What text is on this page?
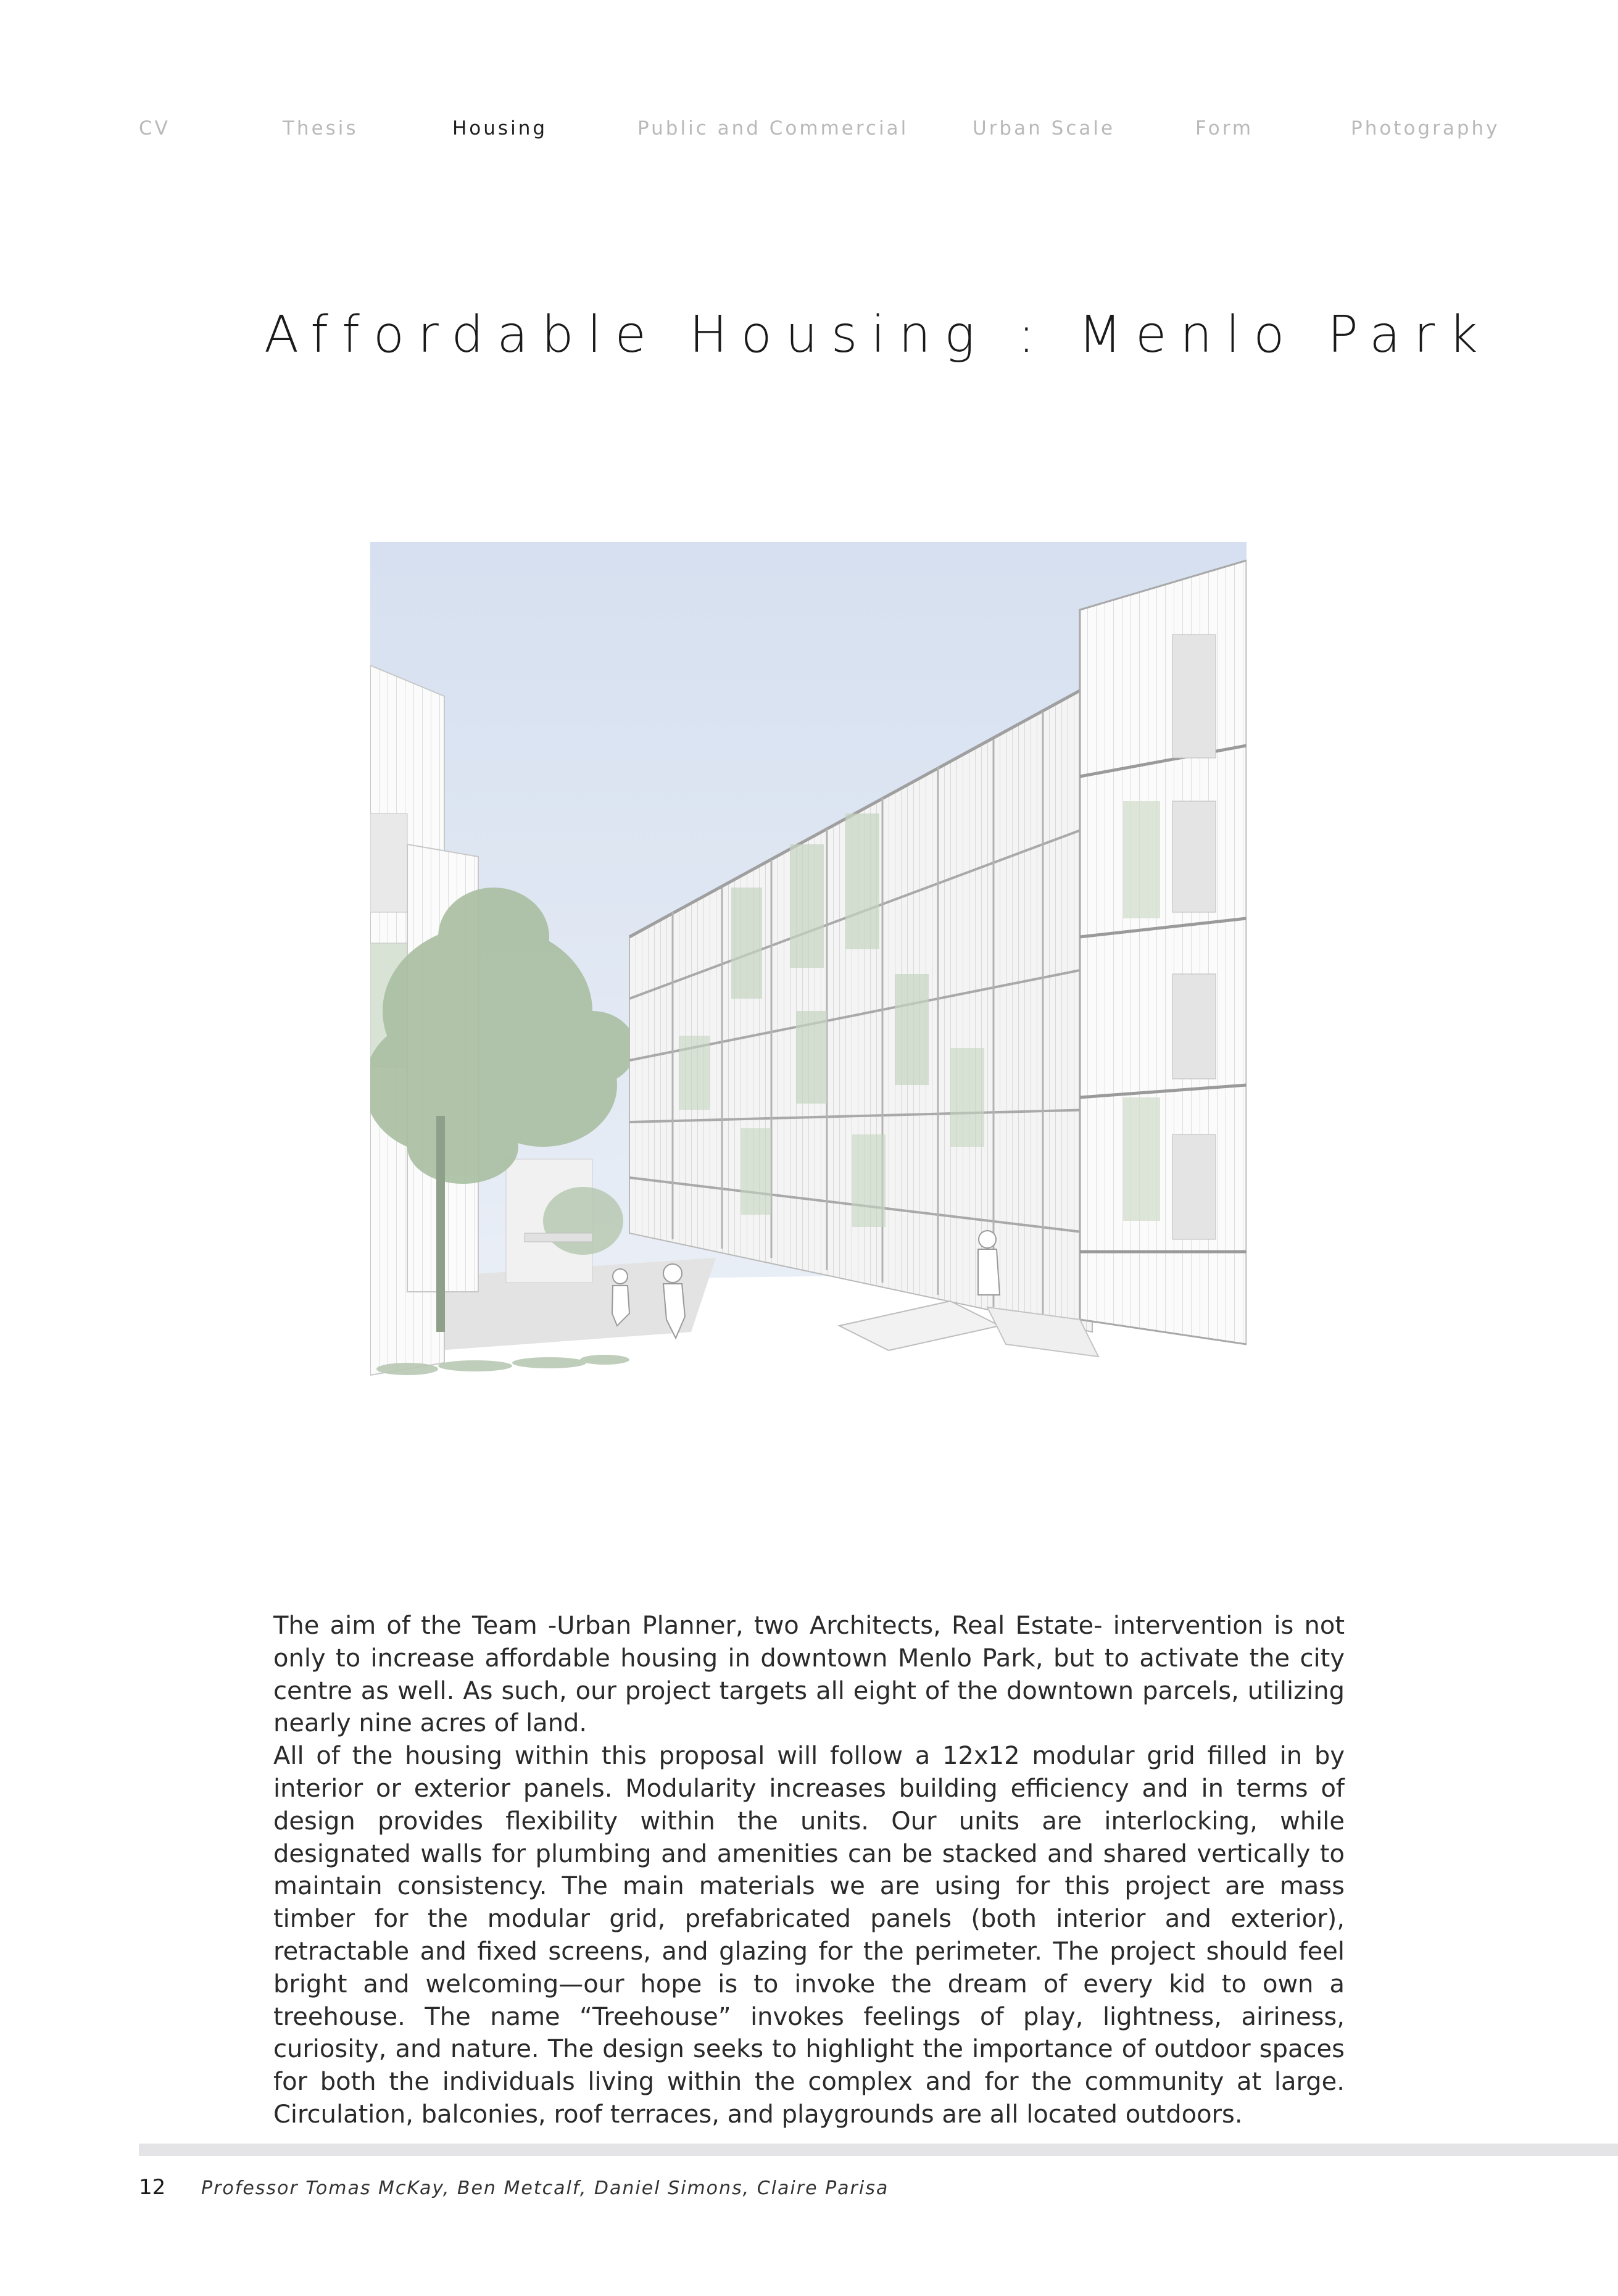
CV	Thesis	Housing	Public and Commercial	Urban Scale	Form	Photography
Affordable Housing : Menlo Park

The aim of the Team -Urban Planner, two Architects, Real Estate- intervention is not only to increase affordable housing in downtown Menlo Park, but to activate the city centre as well. As such, our project targets all eight of the downtown parcels, utilizing nearly nine acres of land.

All of the housing within this proposal will follow a 12x12 modular grid filled in by interior or exterior panels. Modularity increases building efficiency and in terms of design provides flexibility within the units. Our units are interlocking, while designated walls for plumbing and amenities can be stacked and shared vertically to maintain consistency. The main materials we are using for this project are mass timber for the modular grid, prefabricated panels (both interior and exterior), retractable and fixed screens, and glazing for the perimeter. The project should feel bright and welcoming—our hope is to invoke the dream of every kid to own a treehouse. The name “Treehouse” invokes feelings of play, lightness, airiness, curiosity, and nature. The design seeks to highlight the importance of outdoor spaces for both the individuals living within the complex and for the community at large. Circulation, balconies, roof terraces, and playgrounds are all located outdoors.

12 Professor Tomas McKay, Ben Metcalf, Daniel Simons, Claire Parisa
